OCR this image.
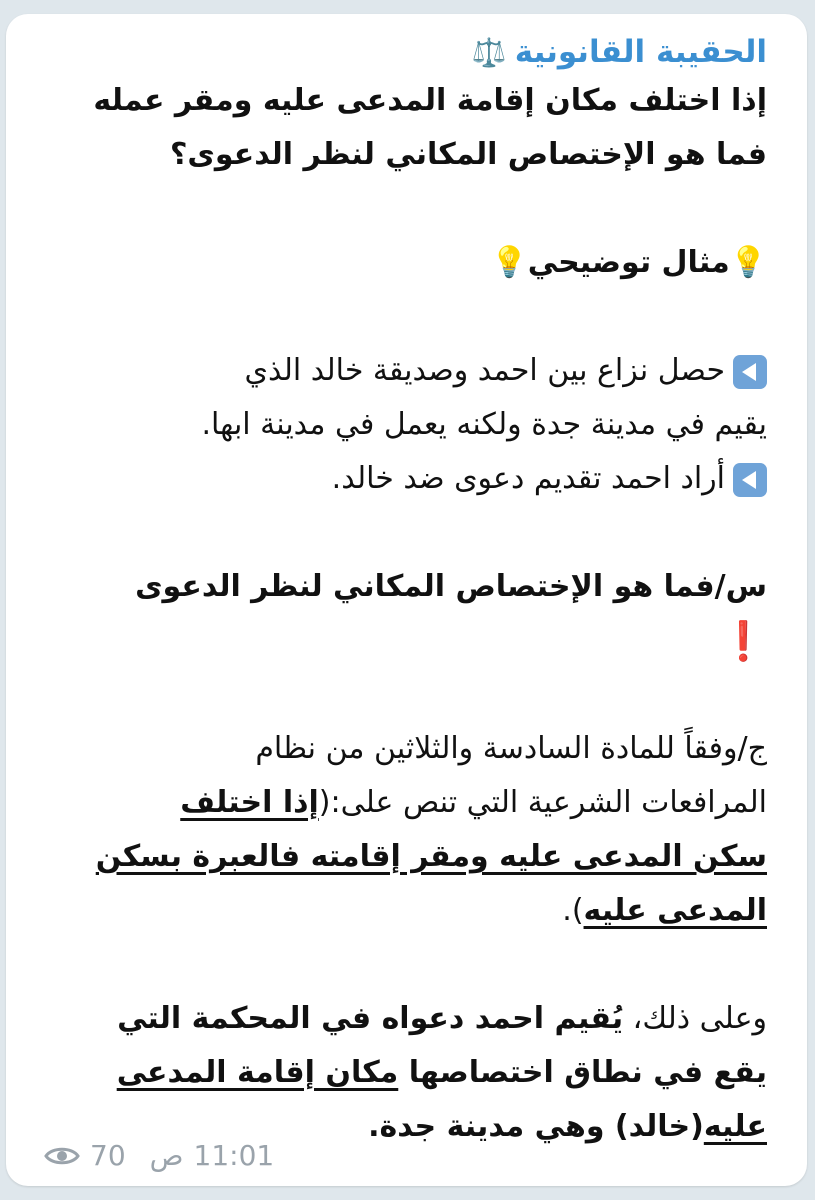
الحقيبة القانونية
⚖️
إذا اختلف مكان إقامة المدعى عليه ومقر عمله
فما هو الإختصاص المكاني لنظر الدعوى؟
💡مثال توضيحي💡
حصل نزاع بين احمد وصديقة خالد الذي
يقيم في مدينة جدة ولكنه يعمل في مدينة ابها.
أراد احمد تقديم دعوى ضد خالد.
س/فما هو الإختصاص المكاني لنظر الدعوى
❗
ج/وفقاً للمادة السادسة والثلاثين من نظام
المرافعات الشرعية التي تنص على:(إذا اختلف
سكن المدعى عليه ومقر إقامته فالعبرة بسكن
المدعى عليه).
وعلى ذلك، يُقيم احمد دعواه في المحكمة التي
يقع في نطاق اختصاصها مكان إقامة المدعى
عليه(خالد) وهي مدينة جدة.
70 ص 11:01
